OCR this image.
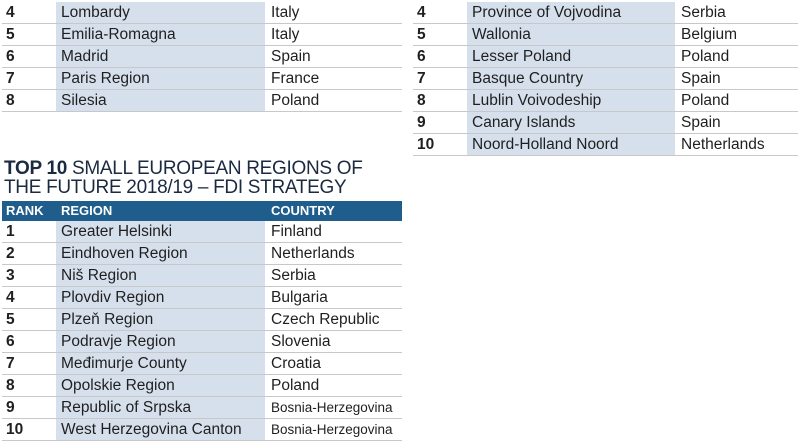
4	Lombardy	Italy
5	Emilia-Romagna	Italy
6	Madrid	Spain
7	Paris Region	France
8	Silesia	Poland
4	Province of Vojvodina	Serbia
5	Wallonia	Belgium
6	Lesser Poland	Poland
7	Basque Country	Spain
8	Lublin Voivodeship	Poland
9	Canary Islands	Spain
10	Noord-Holland Noord	Netherlands
TOP 10 SMALL EUROPEAN REGIONS OF THE FUTURE 2018/19 – FDI STRATEGY
RANK	REGION	COUNTRY
1	Greater Helsinki	Finland
2	Eindhoven Region	Netherlands
3	Niš Region	Serbia
4	Plovdiv Region	Bulgaria
5	Plzeň Region	Czech Republic
6	Podravje Region	Slovenia
7	Međimurje County	Croatia
8	Opolskie Region	Poland
9	Republic of Srpska	Bosnia-Herzegovina
10	West Herzegovina Canton	Bosnia-Herzegovina
